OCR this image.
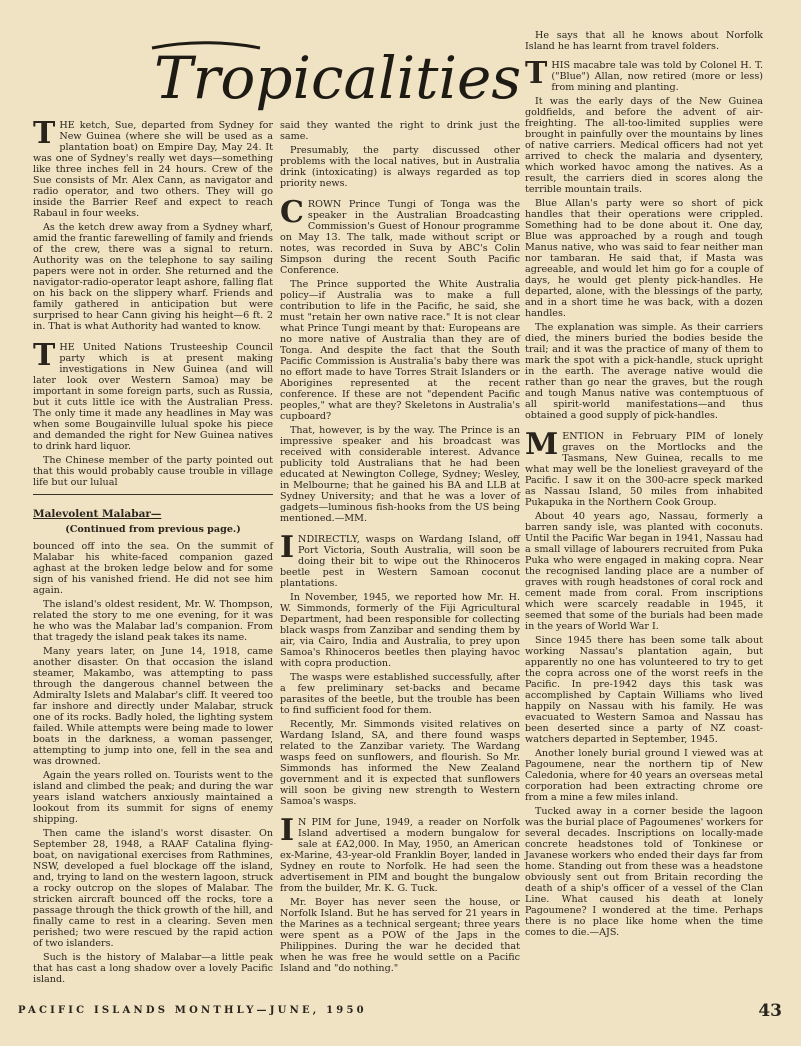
Tropicalities

THE ketch, Sue, departed from Sydney for New Guinea (where she will be used as a plantation boat) on Empire Day, May 24. It was one of Sydney's really wet days—something like three inches fell in 24 hours. Crew of the Sue consists of Mr. Alex Cann, as navigator and radio operator, and two others. They will go inside the Barrier Reef and expect to reach Rabaul in four weeks.

As the ketch drew away from a Sydney wharf, amid the frantic farewelling of family and friends of the crew, there was a signal to return. Authority was on the telephone to say sailing papers were not in order. She returned and the navigator-radio-operator leapt ashore, falling flat on his back on the slippery wharf. Friends and family gathered in anticipation but were surprised to hear Cann giving his height—6 ft. 2 in. That is what Authority had wanted to know.

THE United Nations Trusteeship Council party which is at present making investigations in New Guinea (and will later look over Western Samoa) may be important in some foreign parts, such as Russia, but it cuts little ice with the Australian Press. The only time it made any headlines in May was when some Bougainville lulual spoke his piece and demanded the right for New Guinea natives to drink hard liquor.

The Chinese member of the party pointed out that this would probably cause trouble in village life but our lulual

Malevolent Malabar—
(Continued from previous page.)

bounced off into the sea. On the summit of Malabar his white-faced companion gazed aghast at the broken ledge below and for some sign of his vanished friend. He did not see him again.

The island's oldest resident, Mr. W. Thompson, related the story to me one evening, for it was he who was the Malabar lad's companion. From that tragedy the island peak takes its name.

Many years later, on June 14, 1918, came another disaster. On that occasion the island steamer, Makambo, was attempting to pass through the dangerous channel between the Admiralty Islets and Malabar's cliff. It veered too far inshore and directly under Malabar, struck one of its rocks. Badly holed, the lighting system failed. While attempts were being made to lower boats in the darkness, a woman passenger, attempting to jump into one, fell in the sea and was drowned.

Again the years rolled on. Tourists went to the island and climbed the peak; and during the war years island watchers anxiously maintained a lookout from its summit for signs of enemy shipping.

Then came the island's worst disaster. On September 28, 1948, a RAAF Catalina flying-boat, on navigational exercises from Rathmines, NSW, developed a fuel blockage off the island, and, trying to land on the western lagoon, struck a rocky outcrop on the slopes of Malabar. The stricken aircraft bounced off the rocks, tore a passage through the thick growth of the hill, and finally came to rest in a clearing. Seven men perished; two were rescued by the rapid action of two islanders.

Such is the history of Malabar—a little peak that has cast a long shadow over a lovely Pacific island.

said they wanted the right to drink just the same.

Presumably, the party discussed other problems with the local natives, but in Australia drink (intoxicating) is always regarded as top priority news.

CROWN Prince Tungi of Tonga was the speaker in the Australian Broadcasting Commission's Guest of Honour programme on May 13. The talk, made without script or notes, was recorded in Suva by ABC's Colin Simpson during the recent South Pacific Conference.

The Prince supported the White Australia policy—if Australia was to make a full contribution to life in the Pacific, he said, she must "retain her own native race." It is not clear what Prince Tungi meant by that: Europeans are no more native of Australia than they are of Tonga. And despite the fact that the South Pacific Commission is Australia's baby there was no effort made to have Torres Strait Islanders or Aborigines represented at the recent conference. If these are not "dependent Pacific peoples," what are they? Skeletons in Australia's cupboard?

That, however, is by the way. The Prince is an impressive speaker and his broadcast was received with considerable interest. Advance publicity told Australians that he had been educated at Newington College, Sydney; Wesley, in Melbourne; that he gained his BA and LLB at Sydney University; and that he was a lover of gadgets—luminous fish-hooks from the US being mentioned.—MM.

INDIRECTLY, wasps on Wardang Island, off Port Victoria, South Australia, will soon be doing their bit to wipe out the Rhinoceros beetle pest in Western Samoan coconut plantations.

In November, 1945, we reported how Mr. H. W. Simmonds, formerly of the Fiji Agricultural Department, had been responsible for collecting black wasps from Zanzibar and sending them by air, via Cairo, India and Australia, to prey upon Samoa's Rhinoceros beetles then playing havoc with copra production.

The wasps were established successfully, after a few preliminary set-backs and became parasites of the beetle, but the trouble has been to find sufficient food for them.

Recently, Mr. Simmonds visited relatives on Wardang Island, SA, and there found wasps related to the Zanzibar variety. The Wardang wasps feed on sunflowers, and flourish. So Mr. Simmonds has informed the New Zealand government and it is expected that sunflowers will soon be giving new strength to Western Samoa's wasps.

I N PIM for June, 1949, a reader on Norfolk Island advertised a modern bungalow for sale at £A2,000. In May, 1950, an American ex-Marine, 43-year-old Franklin Boyer, landed in Sydney en route to Norfolk. He had seen the advertisement in PIM and bought the bungalow from the builder, Mr. K. G. Tuck.

Mr. Boyer has never seen the house, or Norfolk Island. But he has served for 21 years in the Marines as a technical sergeant; three years were spent as a POW of the Japs in the Philippines. During the war he decided that when he was free he would settle on a Pacific Island and "do nothing."

He says that all he knows about Norfolk Island he has learnt from travel folders.

THIS macabre tale was told by Colonel H. T. ("Blue") Allan, now retired (more or less) from mining and planting.

It was the early days of the New Guinea goldfields, and before the advent of air-freighting. The all-too-limited supplies were brought in painfully over the mountains by lines of native carriers. Medical officers had not yet arrived to check the malaria and dysentery, which worked havoc among the natives. As a result, the carriers died in scores along the terrible mountain trails.

Blue Allan's party were so short of pick handles that their operations were crippled. Something had to be done about it. One day, Blue was approached by a rough and tough Manus native, who was said to fear neither man nor tambaran. He said that, if Masta was agreeable, and would let him go for a couple of days, he would get plenty pick-handles. He departed, alone, with the blessings of the party, and in a short time he was back, with a dozen handles.

The explanation was simple. As their carriers died, the miners buried the bodies beside the trail; and it was the practice of many of them to mark the spot with a pick-handle, stuck upright in the earth. The average native would die rather than go near the graves, but the rough and tough Manus native was contemptuous of all spirit-world manifestations—and thus obtained a good supply of pick-handles.

MENTION in February PIM of lonely graves on the Mortlocks and the Tasmans, New Guinea, recalls to me what may well be the loneliest graveyard of the Pacific. I saw it on the 300-acre speck marked as Nassau Island, 50 miles from inhabited Pukapuka in the Northern Cook Group.

About 40 years ago, Nassau, formerly a barren sandy isle, was planted with coconuts. Until the Pacific War began in 1941, Nassau had a small village of labourers recruited from Puka Puka who were engaged in making copra. Near the recognised landing place are a number of graves with rough headstones of coral rock and cement made from coral. From inscriptions which were scarcely readable in 1945, it seemed that some of the burials had been made in the years of World War I.

Since 1945 there has been some talk about working Nassau's plantation again, but apparently no one has volunteered to try to get the copra across one of the worst reefs in the Pacific. In pre-1942 days this task was accomplished by Captain Williams who lived happily on Nassau with his family. He was evacuated to Western Samoa and Nassau has been deserted since a party of NZ coast-watchers departed in September, 1945.

Another lonely burial ground I viewed was at Pagoumene, near the northern tip of New Caledonia, where for 40 years an overseas metal corporation had been extracting chrome ore from a mine a few miles inland.

Tucked away in a corner beside the lagoon was the burial place of Pagoumenes' workers for several decades. Inscriptions on locally-made concrete headstones told of Tonkinese or Javanese workers who ended their days far from home. Standing out from these was a headstone obviously sent out from Britain recording the death of a ship's officer of a vessel of the Clan Line. What caused his death at lonely Pagoumene? I wondered at the time. Perhaps there is no place like home when the time comes to die.—AJS.

PACIFIC ISLANDS MONTHLY—JUNE, 1950	43
